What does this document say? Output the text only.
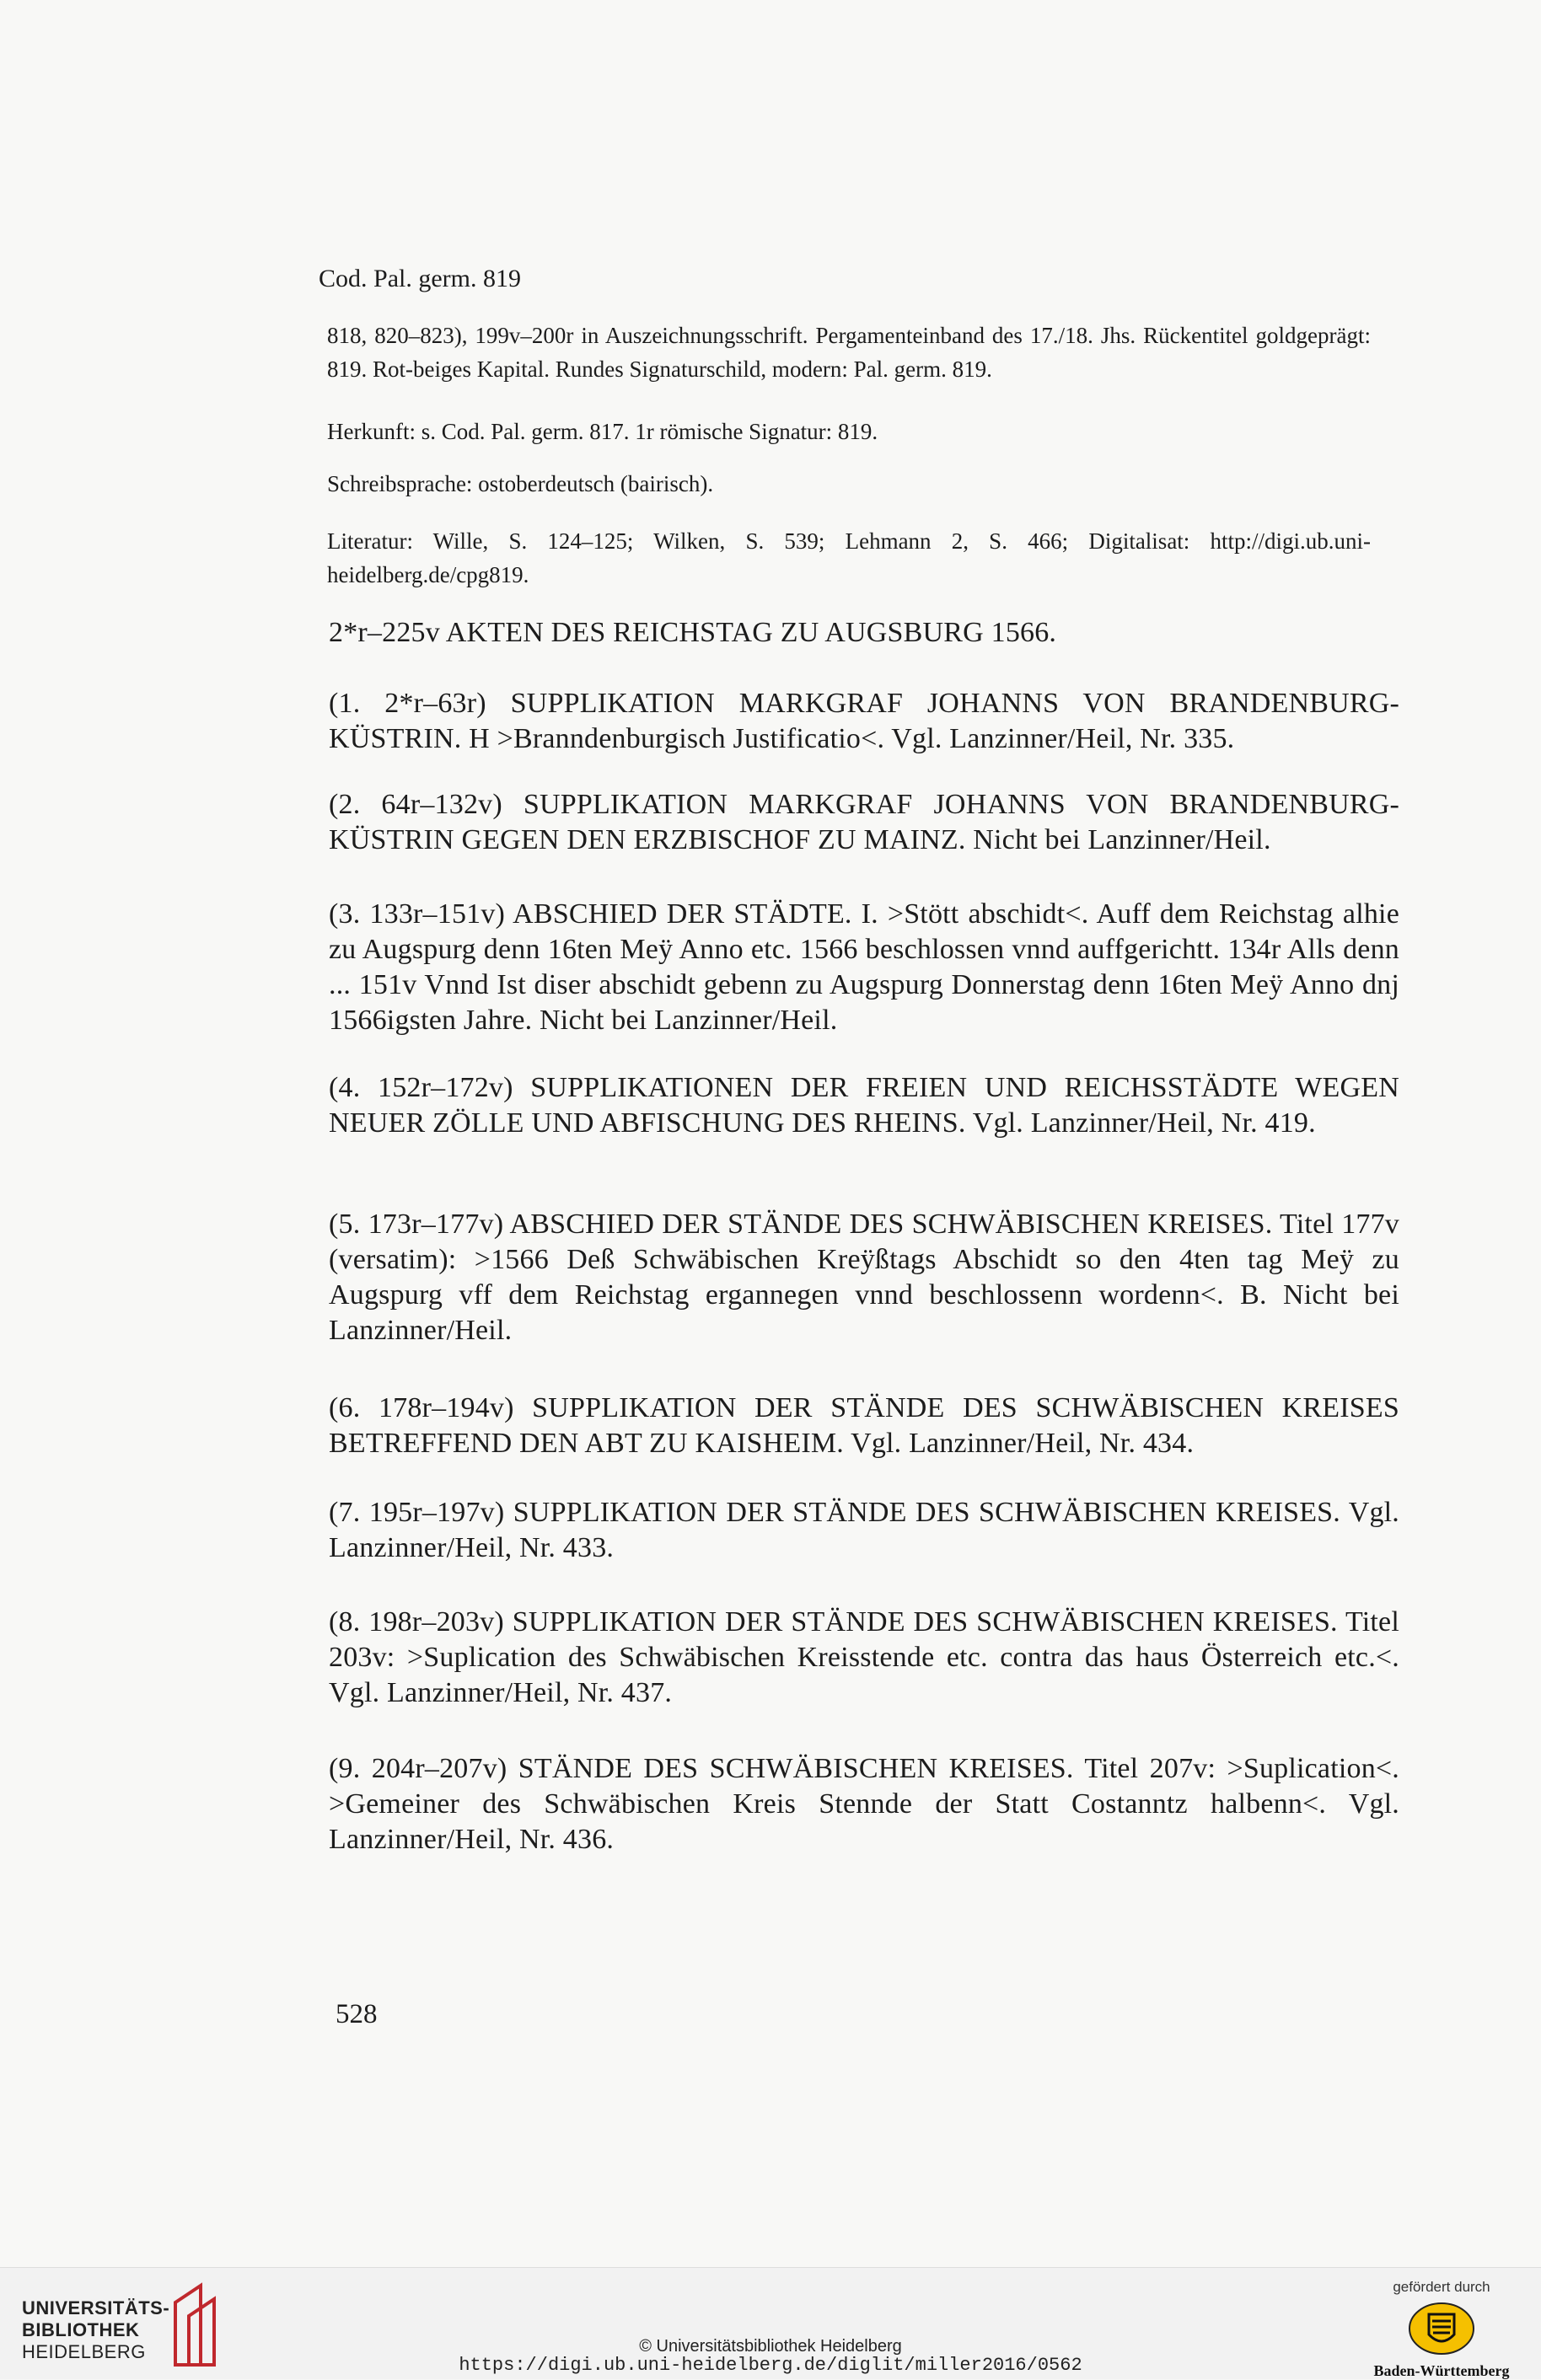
Cod. Pal. germ. 819
818, 820–823), 199v–200r in Auszeichnungsschrift. Pergamenteinband des 17./18. Jhs. Rückentitel goldgeprägt: 819. Rot-beiges Kapital. Rundes Signaturschild, modern: Pal. germ. 819.
Herkunft: s. Cod. Pal. germ. 817. 1r römische Signatur: 819.
Schreibsprache: ostoberdeutsch (bairisch).
Literatur: Wille, S. 124–125; Wilken, S. 539; Lehmann 2, S. 466; Digitalisat: http://digi.ub.uni-heidelberg.de/cpg819.
2*r–225v AKTEN DES REICHSTAG ZU AUGSBURG 1566.
(1. 2*r–63r) SUPPLIKATION MARKGRAF JOHANNS VON BRANDENBURG-KÜSTRIN. H >Branndenburgisch Justificatio<. Vgl. Lanzinner/Heil, Nr. 335.
(2. 64r–132v) SUPPLIKATION MARKGRAF JOHANNS VON BRANDENBURG-KÜSTRIN GEGEN DEN ERZBISCHOF ZU MAINZ. Nicht bei Lanzinner/Heil.
(3. 133r–151v) ABSCHIED DER STÄDTE. I. >Stött abschidt<. Auff dem Reichstag alhie zu Augspurg denn 16ten Meÿ Anno etc. 1566 beschlossen vnnd auffgerichtt. 134r Alls denn ... 151v Vnnd Ist diser abschidt gebenn zu Augspurg Donnerstag denn 16ten Meÿ Anno dnj 1566igsten Jahre. Nicht bei Lanzinner/Heil.
(4. 152r–172v) SUPPLIKATIONEN DER FREIEN UND REICHSSTÄDTE WEGEN NEUER ZÖLLE UND ABFISCHUNG DES RHEINS. Vgl. Lanzinner/Heil, Nr. 419.
(5. 173r–177v) ABSCHIED DER STÄNDE DES SCHWÄBISCHEN KREISES. Titel 177v (versatim): >1566 Deß Schwäbischen Kreÿßtags Abschidt so den 4ten tag Meÿ zu Augspurg vff dem Reichstag ergannegen vnnd beschlossenn wordenn<. B. Nicht bei Lanzinner/Heil.
(6. 178r–194v) SUPPLIKATION DER STÄNDE DES SCHWÄBISCHEN KREISES BETREFFEND DEN ABT ZU KAISHEIM. Vgl. Lanzinner/Heil, Nr. 434.
(7. 195r–197v) SUPPLIKATION DER STÄNDE DES SCHWÄBISCHEN KREISES. Vgl. Lanzinner/Heil, Nr. 433.
(8. 198r–203v) SUPPLIKATION DER STÄNDE DES SCHWÄBISCHEN KREISES. Titel 203v: >Suplication des Schwäbischen Kreisstende etc. contra das haus Österreich etc.<. Vgl. Lanzinner/Heil, Nr. 437.
(9. 204r–207v) STÄNDE DES SCHWÄBISCHEN KREISES. Titel 207v: >Suplication<. >Gemeiner des Schwäbischen Kreis Stennde der Statt Costanntz halbenn<. Vgl. Lanzinner/Heil, Nr. 436.
528
UNIVERSITÄTS-
BIBLIOTHEK
HEIDELBERG	© Universitätsbibliothek Heidelberg
https://digi.ub.uni-heidelberg.de/diglit/miller2016/0562
gefördert durch
Baden-Württemberg
